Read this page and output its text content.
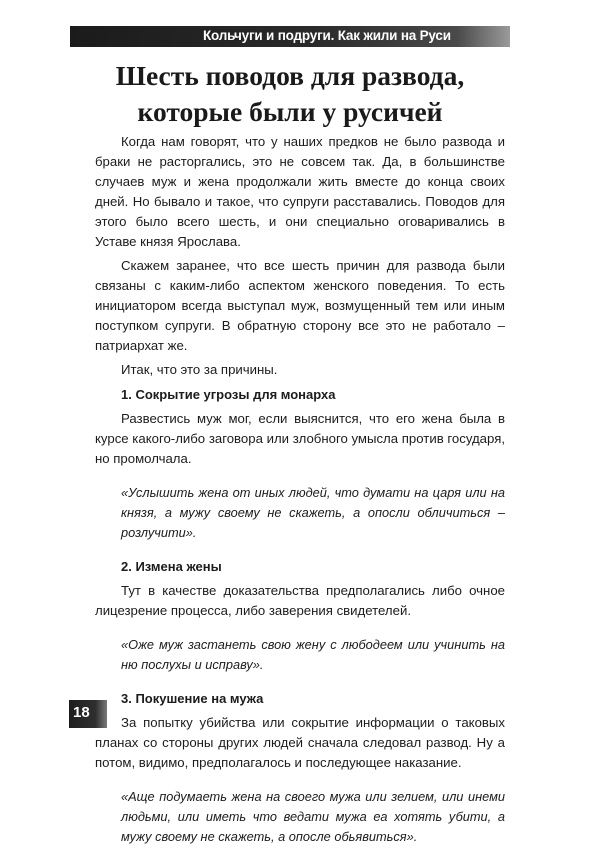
Кольчуги и подруги. Как жили на Руси
Шесть поводов для развода,
которые были у русичей

Когда нам говорят, что у наших предков не было развода и браки не расторгались, это не совсем так. Да, в большинстве случаев муж и жена продолжали жить вместе до конца своих дней. Но бывало и такое, что супруги расставались. Поводов для этого было всего шесть, и они специально оговаривались в Уставе князя Ярослава.

Скажем заранее, что все шесть причин для развода были связаны с каким-либо аспектом женского поведения. То есть инициатором всегда выступал муж, возмущенный тем или иным поступком супруги. В обратную сторону все это не работало – патриархат же.

Итак, что это за причины.

1. Сокрытие угрозы для монарха

Развестись муж мог, если выяснится, что его жена была в курсе какого-либо заговора или злобного умысла против государя, но промолчала.

«Услышить жена от иных людей, что думати на царя или на князя, а мужу своему не скажеть, а опосли обличиться – розлучити».

2. Измена жены

Тут в качестве доказательства предполагались либо очное лицезрение процесса, либо заверения свидетелей.

«Оже муж застанеть свою жену с любодеем или учинить на ню послухы и исправу».

3. Покушение на мужа

За попытку убийства или сокрытие информации о таковых планах со стороны других людей сначала следовал развод. Ну а потом, видимо, предполагалось и последующее наказание.

«Аще подумаеть жена на своего мужа или зелием, или инеми людьми, или иметь что ведати мужа еа хотять убити, а мужу своему не скажеть, а опосле обьявиться».

18
